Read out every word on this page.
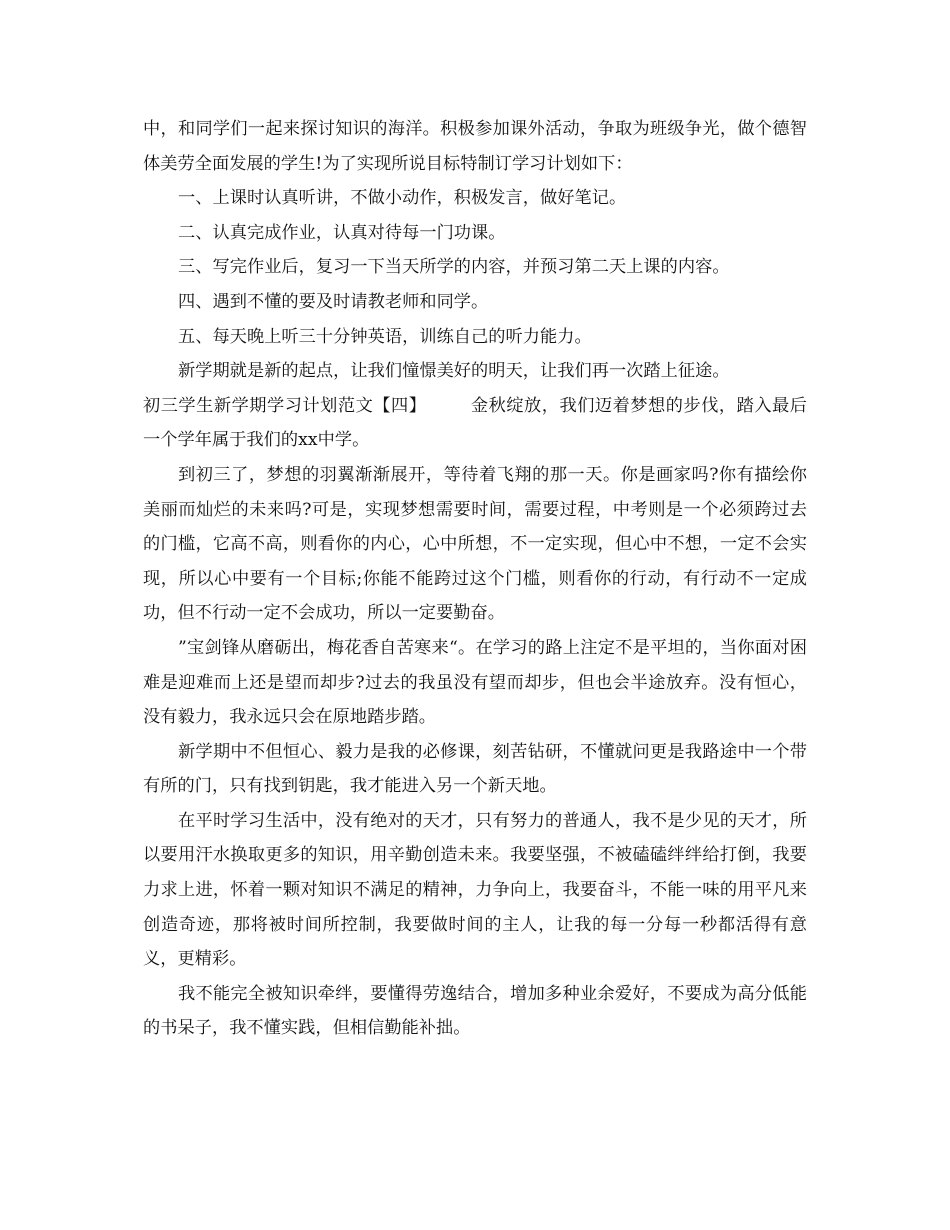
中，和同学们一起来探讨知识的海洋。积极参加课外活动，争取为班级争光，做个德智体美劳全面发展的学生!为了实现所说目标特制订学习计划如下：

一、上课时认真听讲，不做小动作，积极发言，做好笔记。

二、认真完成作业，认真对待每一门功课。

三、写完作业后，复习一下当天所学的内容，并预习第二天上课的内容。

四、遇到不懂的要及时请教老师和同学。

五、每天晚上听三十分钟英语，训练自己的听力能力。

新学期就是新的起点，让我们憧憬美好的明天，让我们再一次踏上征途。

初三学生新学期学习计划范文【四】	金秋绽放，我们迈着梦想的步伐，踏入最后一个学年属于我们的xx中学。

到初三了，梦想的羽翼渐渐展开，等待着飞翔的那一天。你是画家吗?你有描绘你美丽而灿烂的未来吗?可是，实现梦想需要时间，需要过程，中考则是一个必须跨过去的门槛，它高不高，则看你的内心，心中所想，不一定实现，但心中不想，一定不会实现，所以心中要有一个目标;你能不能跨过这个门槛，则看你的行动，有行动不一定成功，但不行动一定不会成功，所以一定要勤奋。

”宝剑锋从磨砺出，梅花香自苦寒来“。在学习的路上注定不是平坦的，当你面对困难是迎难而上还是望而却步?过去的我虽没有望而却步，但也会半途放弃。没有恒心，没有毅力，我永远只会在原地踏步踏。

新学期中不但恒心、毅力是我的必修课，刻苦钻研，不懂就问更是我路途中一个带有所的门，只有找到钥匙，我才能进入另一个新天地。

在平时学习生活中，没有绝对的天才，只有努力的普通人，我不是少见的天才，所以要用汗水换取更多的知识，用辛勤创造未来。我要坚强，不被磕磕绊绊给打倒，我要力求上进，怀着一颗对知识不满足的精神，力争向上，我要奋斗，不能一味的用平凡来创造奇迹，那将被时间所控制，我要做时间的主人，让我的每一分每一秒都活得有意义，更精彩。

我不能完全被知识牵绊，要懂得劳逸结合，增加多种业余爱好，不要成为高分低能的书呆子，我不懂实践，但相信勤能补拙。
